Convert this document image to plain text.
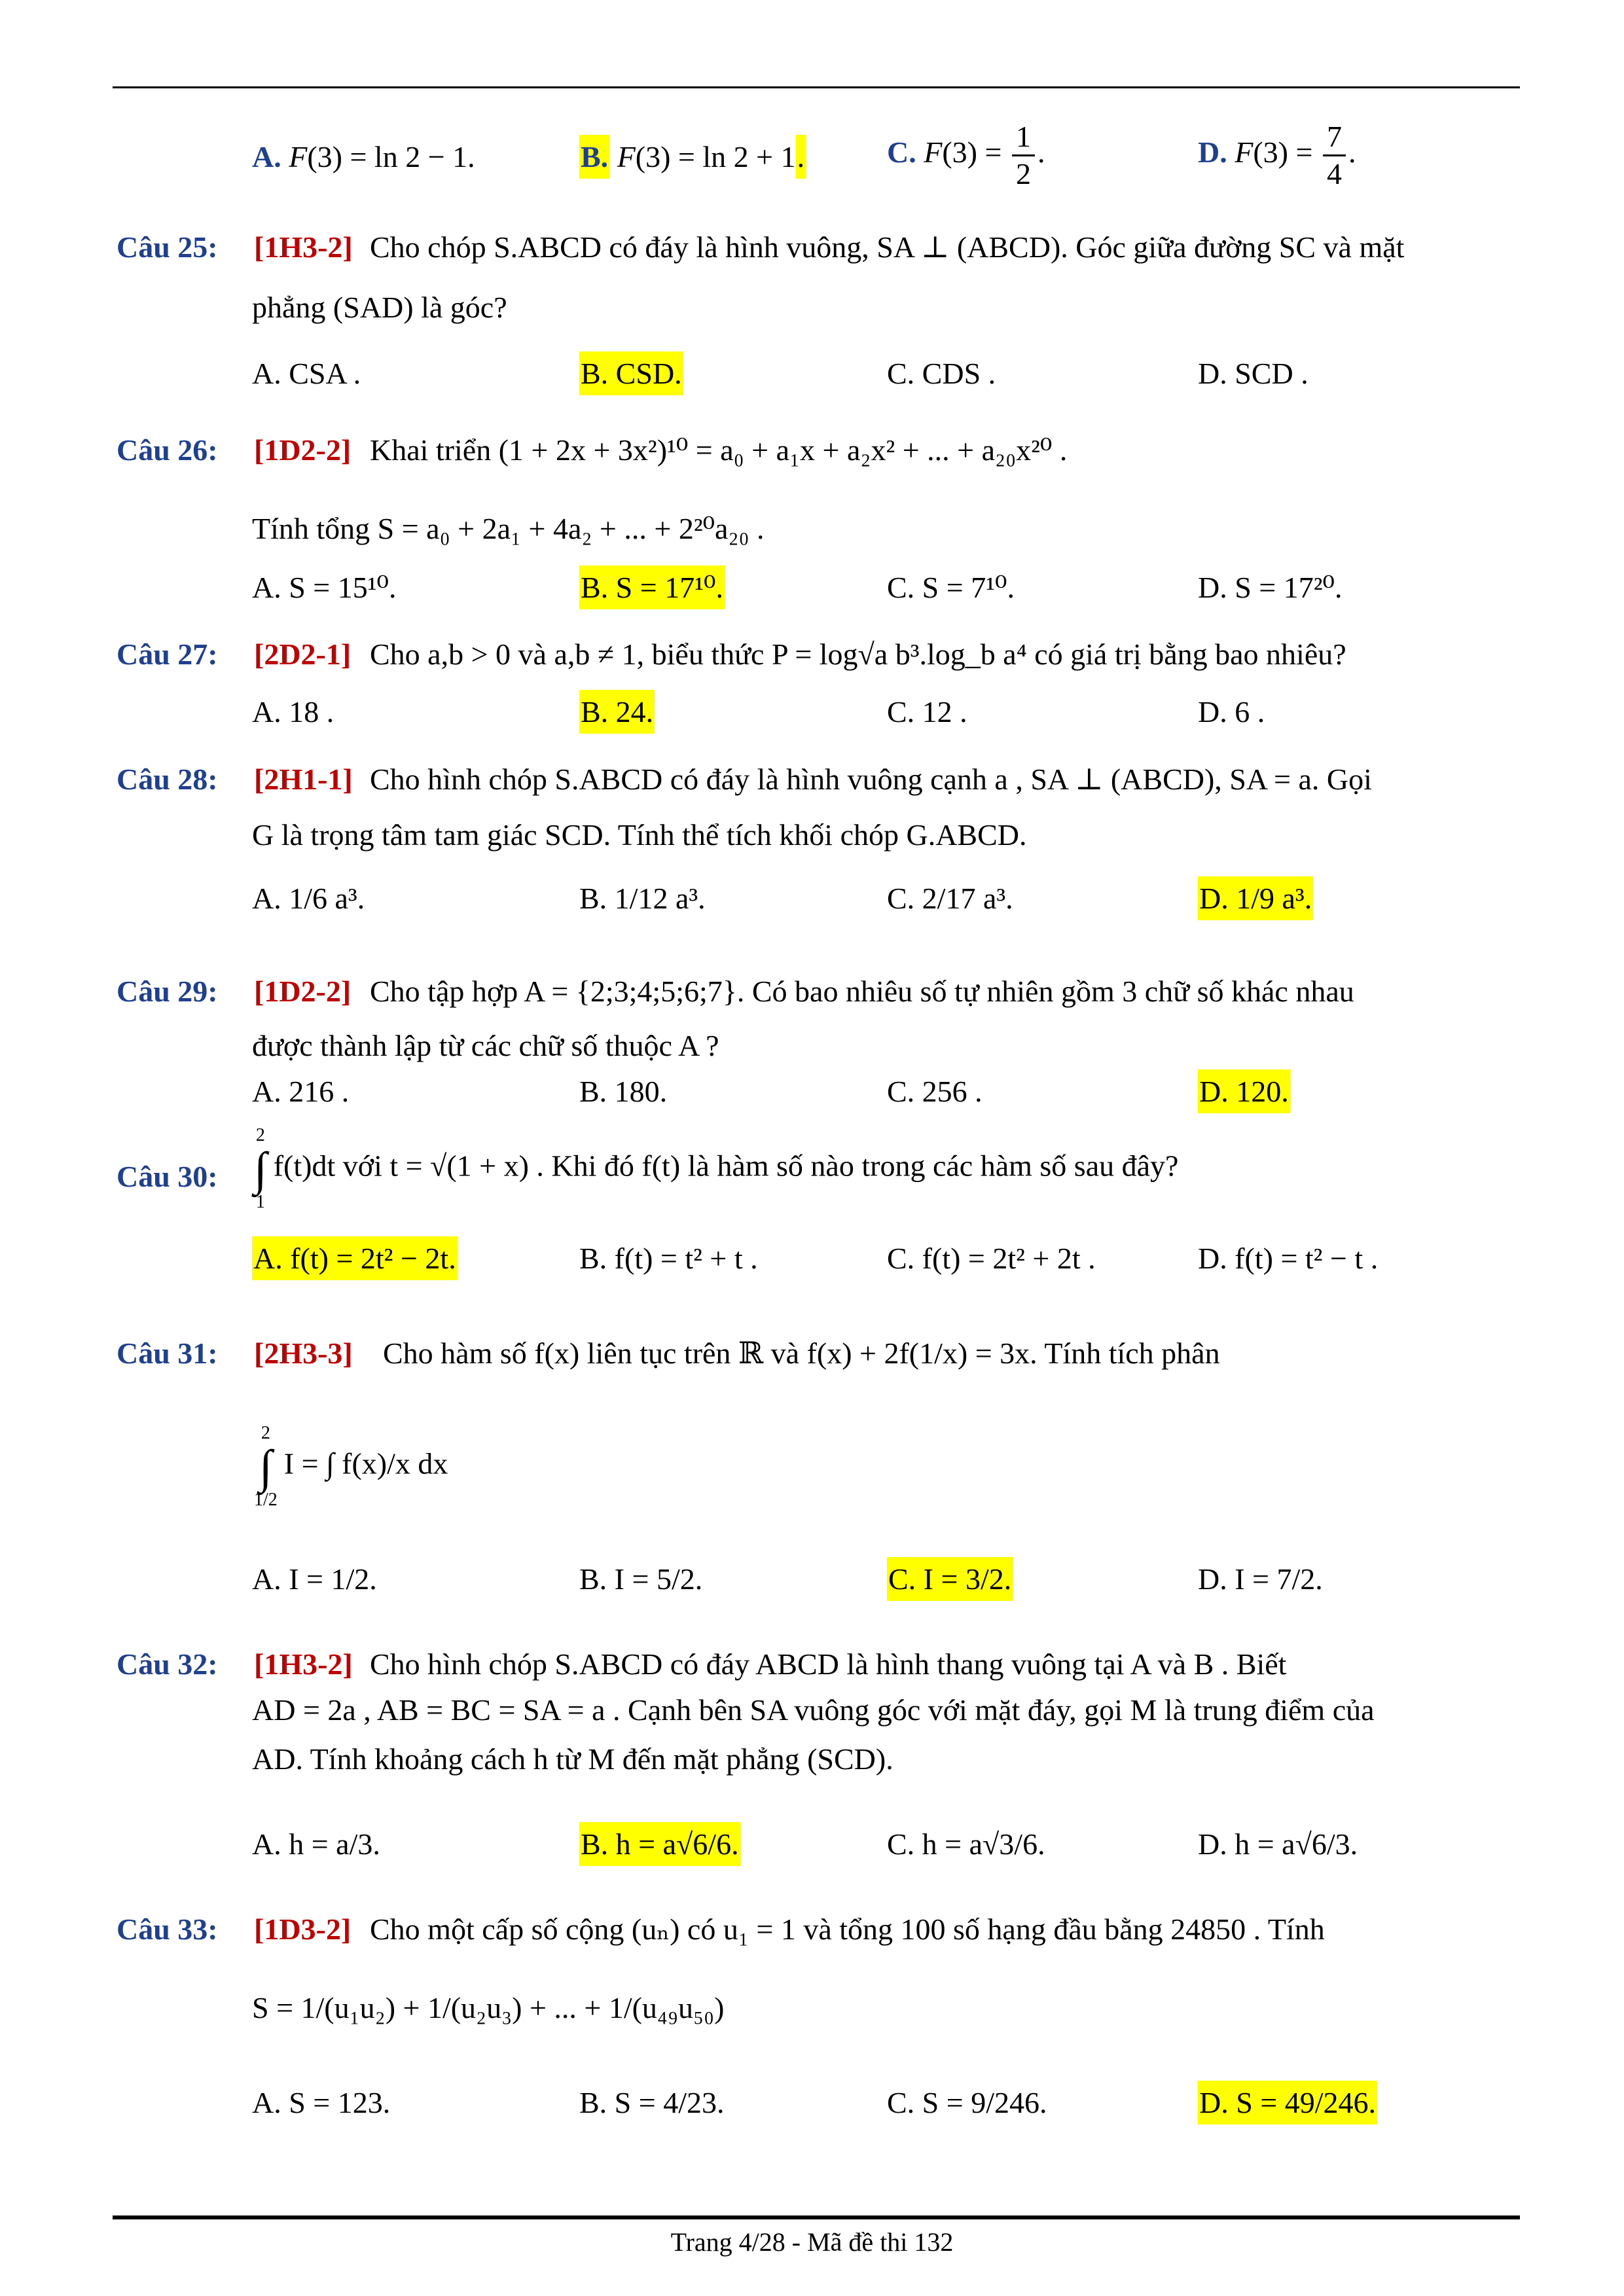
A. F(3) = ln 2 − 1.	B. F(3) = ln 2 + 1.	C. $F(3) = \frac{1}{2}$ .	D. $F(3) = \frac{7}{4}$ .
Câu 25: [1H3-2] Cho chóp S.ABCD có đáy là hình vuông, SA ⊥ (ABCD). Góc giữa đường SC và mặt
phẳng (SAD) là góc?
A. CSA .	B. CSD.	C. CDS .	D. SCD .
Câu 26: [1D2-2] Khai triển (1 + 2x + 3x²)¹⁰ = a₀ + a₁x + a₂x² + ... + a₂₀x²⁰ .
Tính tổng S = a₀ + 2a₁ + 4a₂ + ... + 2²⁰a₂₀ .
A. S = 15¹⁰.	B. S = 17¹⁰.	C. S = 7¹⁰.	D. S = 17²⁰.
Câu 27: [2D2-1] Cho a,b > 0 và a,b ≠ 1, biểu thức P = log√a b³.log_b a⁴ có giá trị bằng bao nhiêu?
A. 18 .	B. 24.	C. 12 .	D. 6 .
Câu 28: [2H1-1] Cho hình chóp S.ABCD có đáy là hình vuông cạnh a , SA ⊥ (ABCD), SA = a. Gọi
G là trọng tâm tam giác SCD. Tính thể tích khối chóp G.ABCD.
A. 1/6 a³.	B. 1/12 a³.	C. 2/17 a³.	D. 1/9 a³.
Câu 29: [1D2-2] Cho tập hợp A = {2;3;4;5;6;7}. Có bao nhiêu số tự nhiên gồm 3 chữ số khác nhau
được thành lập từ các chữ số thuộc A ?
A. 216 .	B. 180.	C. 256 .	D. 120.
Câu 30:
2
∫
1f(t)dt với t = √(1 + x) . Khi đó f(t) là hàm số nào trong các hàm số sau đây?
A. f(t) = 2t² − 2t.	B. f(t) = t² + t .	C. f(t) = 2t² + 2t .	D. f(t) = t² − t .
Câu 31: [2H3-3] Cho hàm số f(x) liên tục trên ℝ và f(x) + 2f(1/x) = 3x. Tính tích phân
2
∫
1/2I = ∫ f(x)/x dx
A. I = 1/2.	B. I = 5/2.	C. I = 3/2.	D. I = 7/2.
Câu 32: [1H3-2] Cho hình chóp S.ABCD có đáy ABCD là hình thang vuông tại A và B . Biết
AD = 2a , AB = BC = SA = a . Cạnh bên SA vuông góc với mặt đáy, gọi M là trung điểm của
AD. Tính khoảng cách h từ M đến mặt phẳng (SCD).
A. h = a/3.	B. h = a√6/6.	C. h = a√3/6.	D. h = a√6/3.
Câu 33: [1D3-2] Cho một cấp số cộng (uₙ) có u₁ = 1 và tổng 100 số hạng đầu bằng 24850 . Tính
S = 1/(u₁u₂) + 1/(u₂u₃) + ... + 1/(u₄₉u₅₀)
A. S = 123.	B. S = 4/23.	C. S = 9/246.	D. S = 49/246.
Trang 4/28 - Mã đề thi 132
